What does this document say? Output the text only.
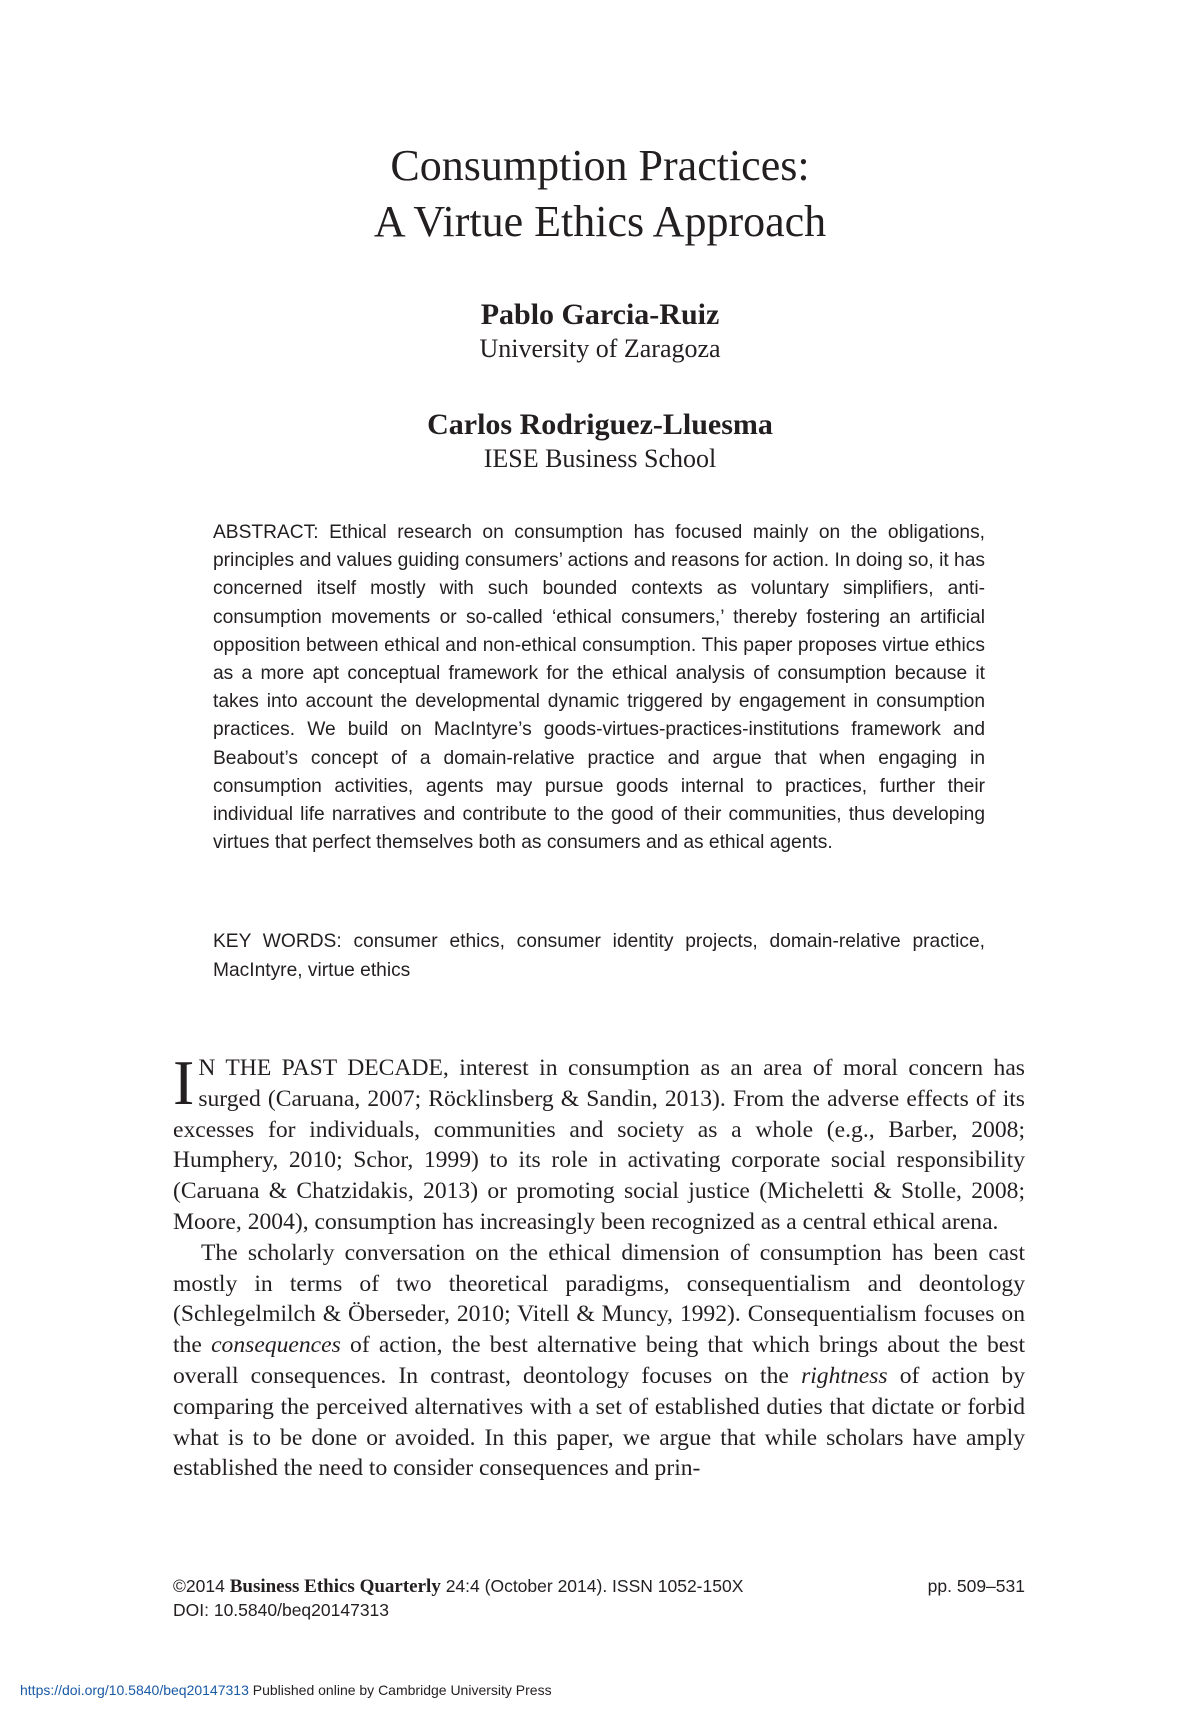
Consumption Practices:
A Virtue Ethics Approach
Pablo Garcia-Ruiz
University of Zaragoza
Carlos Rodriguez-Lluesma
IESE Business School

ABSTRACT: Ethical research on consumption has focused mainly on the obligations, principles and values guiding consumers’ actions and reasons for action. In doing so, it has concerned itself mostly with such bounded contexts as voluntary simplifiers, anti-consumption movements or so-called ‘ethical consumers,’ thereby fostering an artificial opposition between ethical and non-ethical consumption. This paper proposes virtue ethics as a more apt conceptual framework for the ethical analysis of consumption because it takes into account the developmental dynamic triggered by engagement in consumption practices. We build on MacIntyre’s goods-virtues-practices-institutions framework and Beabout’s concept of a domain-relative practice and argue that when engaging in consumption activities, agents may pursue goods internal to practices, further their individual life narratives and contribute to the good of their communities, thus developing virtues that perfect themselves both as consumers and as ethical agents.

KEY WORDS: consumer ethics, consumer identity projects, domain-relative practice, MacIntyre, virtue ethics

I N THE PAST DECADE, interest in consumption as an area of moral concern has surged (Caruana, 2007; Röcklinsberg & Sandin, 2013). From the adverse effects of its excesses for individuals, communities and society as a whole (e.g., Barber, 2008; Humphery, 2010; Schor, 1999) to its role in activating corporate social responsibility (Caruana & Chatzidakis, 2013) or promoting social justice (Micheletti & Stolle, 2008; Moore, 2004), consumption has increasingly been recognized as a central ethical arena.

The scholarly conversation on the ethical dimension of consumption has been cast mostly in terms of two theoretical paradigms, consequentialism and deontology (Schlegelmilch & Öberseder, 2010; Vitell & Muncy, 1992). Consequentialism focuses on the consequences of action, the best alternative being that which brings about the best overall consequences. In contrast, deontology focuses on the rightness of action by comparing the perceived alternatives with a set of established duties that dictate or forbid what is to be done or avoided. In this paper, we argue that while scholars have amply established the need to consider consequences and prin-

©2014 Business Ethics Quarterly 24:4 (October 2014). ISSN 1052-150X	pp. 509–531
DOI: 10.5840/beq20147313
https://doi.org/10.5840/beq20147313 Published online by Cambridge University Press
